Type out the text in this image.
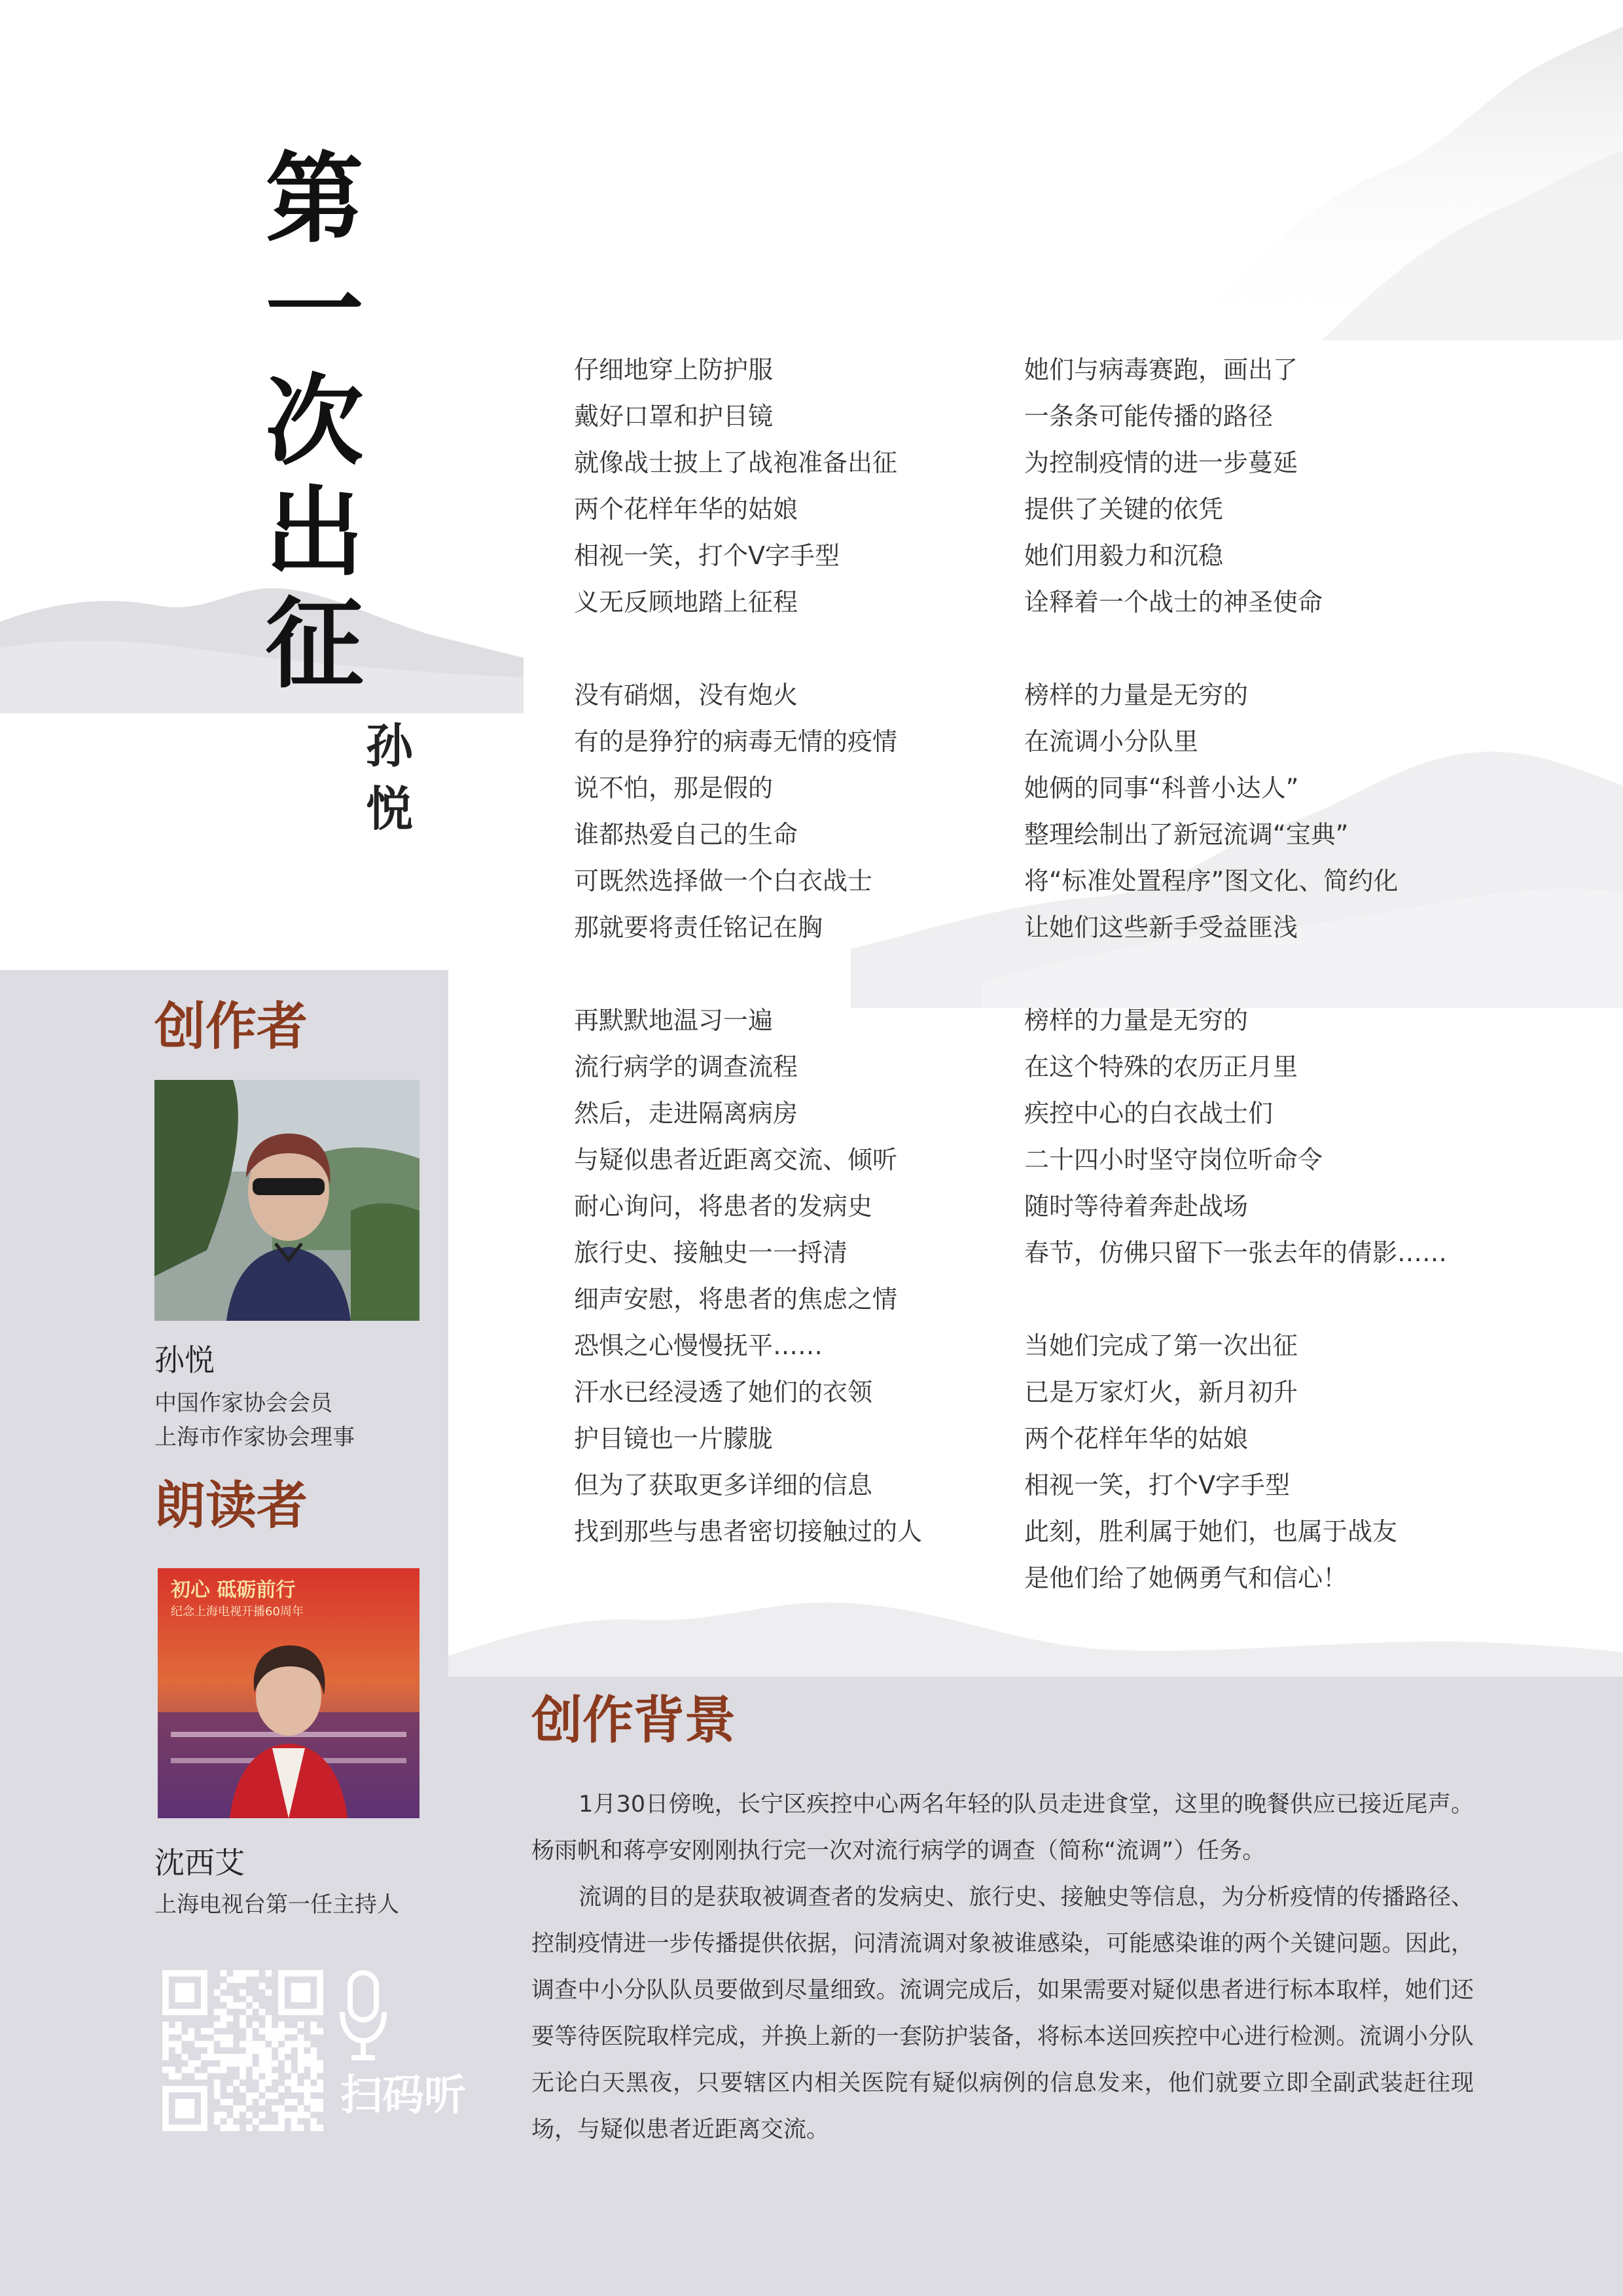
第
一
次
出
征
孙
悦
仔细地穿上防护服
戴好口罩和护目镜
就像战士披上了战袍准备出征
两个花样年华的姑娘
相视一笑，打个Ⅴ字手型
义无反顾地踏上征程
没有硝烟，没有炮火
有的是狰狞的病毒无情的疫情
说不怕，那是假的
谁都热爱自己的生命
可既然选择做一个白衣战士
那就要将责任铭记在胸
再默默地温习一遍
流行病学的调查流程
然后，走进隔离病房
与疑似患者近距离交流、倾听
耐心询问，将患者的发病史
旅行史、接触史一一捋清
细声安慰，将患者的焦虑之情
恐惧之心慢慢抚平……
汗水已经浸透了她们的衣领
护目镜也一片朦胧
但为了获取更多详细的信息
找到那些与患者密切接触过的人
她们与病毒赛跑，画出了
一条条可能传播的路径
为控制疫情的进一步蔓延
提供了关键的依凭
她们用毅力和沉稳
诠释着一个战士的神圣使命
榜样的力量是无穷的
在流调小分队里
她俩的同事“科普小达人”
整理绘制出了新冠流调“宝典”
将“标准处置程序”图文化、简约化
让她们这些新手受益匪浅
榜样的力量是无穷的
在这个特殊的农历正月里
疾控中心的白衣战士们
二十四小时坚守岗位听命令
随时等待着奔赴战场
春节，仿佛只留下一张去年的倩影……
当她们完成了第一次出征
已是万家灯火，新月初升
两个花样年华的姑娘
相视一笑，打个Ⅴ字手型
此刻，胜利属于她们，也属于战友
是他们给了她俩勇气和信心！
创作者
孙悦
中国作家协会会员
上海市作家协会理事
朗读者
初心 砥砺前行
纪念上海电视开播60周年
沈西艾
上海电视台第一任主持人
扫码听
创作背景

1月30日傍晚，长宁区疾控中心两名年轻的队员走进食堂，这里的晚餐供应已接近尾声。杨雨帆和蒋亭安刚刚执行完一次对流行病学的调查（简称“流调”）任务。

流调的目的是获取被调查者的发病史、旅行史、接触史等信息，为分析疫情的传播路径、控制疫情进一步传播提供依据，问清流调对象被谁感染，可能感染谁的两个关键问题。因此，调查中小分队队员要做到尽量细致。流调完成后，如果需要对疑似患者进行标本取样，她们还要等待医院取样完成，并换上新的一套防护装备，将标本送回疾控中心进行检测。流调小分队无论白天黑夜，只要辖区内相关医院有疑似病例的信息发来，他们就要立即全副武装赶往现场，与疑似患者近距离交流。
